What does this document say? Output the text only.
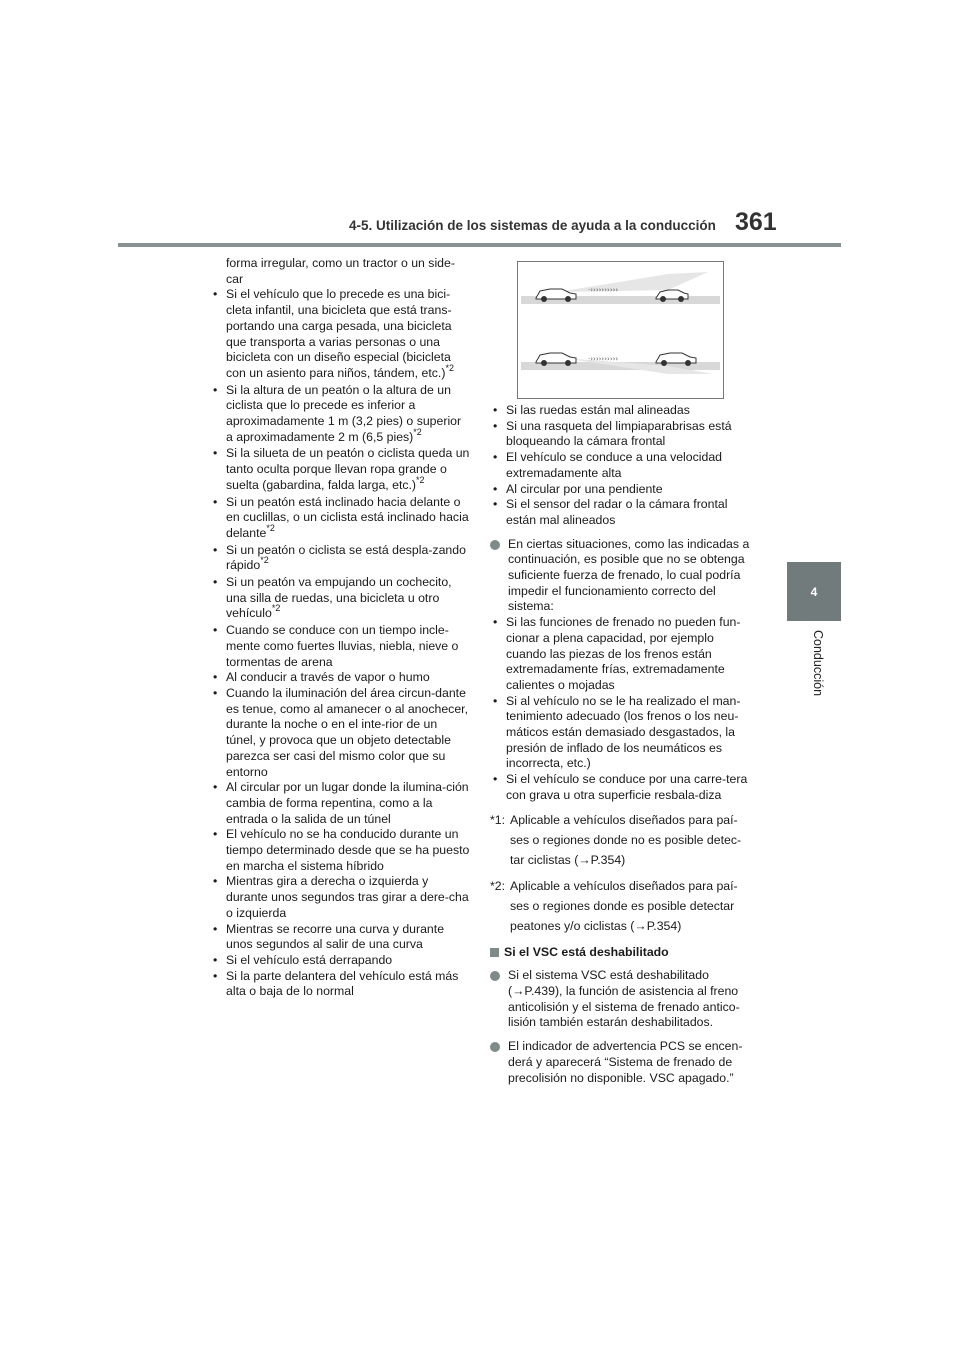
4-5. Utilización de los sistemas de ayuda a la conducción 361
4
Conducción
forma irregular, como un tractor o un side-
car
• Si el vehículo que lo precede es una bici-cleta infantil, una bicicleta que está trans-portando una carga pesada, una bicicleta que transporta a varias personas o una bicicleta con un diseño especial (bicicleta con un asiento para niños, tándem, etc.)$^{*2}$
• Si la altura de un peatón o la altura de un ciclista que lo precede es inferior a aproximadamente 1 m (3,2 pies) o superior a aproximadamente 2 m (6,5 pies)$^{*2}$
• Si la silueta de un peatón o ciclista queda un tanto oculta porque llevan ropa grande o suelta (gabardina, falda larga, etc.)$^{*2}$
• Si un peatón está inclinado hacia delante o en cuclillas, o un ciclista está inclinado hacia delante$^{*2}$
• Si un peatón o ciclista se está despla-zando rápido$^{*2}$
• Si un peatón va empujando un cochecito, una silla de ruedas, una bicicleta u otro vehículo$^{*2}$
• Cuando se conduce con un tiempo incle-mente como fuertes lluvias, niebla, nieve o tormentas de arena
• Al conducir a través de vapor o humo
• Cuando la iluminación del área circun-dante es tenue, como al amanecer o al anochecer, durante la noche o en el inte-rior de un túnel, y provoca que un objeto detectable parezca ser casi del mismo color que su entorno
• Al circular por un lugar donde la ilumina-ción cambia de forma repentina, como a la entrada o la salida de un túnel
• El vehículo no se ha conducido durante un tiempo determinado desde que se ha puesto en marcha el sistema híbrido
• Mientras gira a derecha o izquierda y durante unos segundos tras girar a dere-cha o izquierda
• Mientras se recorre una curva y durante unos segundos al salir de una curva
• Si el vehículo está derrapando
• Si la parte delantera del vehículo está más alta o baja de lo normal
·››››››››››
·››››››››››
• Si las ruedas están mal alineadas
• Si una rasqueta del limpiaparabrisas está bloqueando la cámara frontal
• El vehículo se conduce a una velocidad extremadamente alta
• Al circular por una pendiente
• Si el sensor del radar o la cámara frontal están mal alineados
En ciertas situaciones, como las indicadas a continuación, es posible que no se obtenga suficiente fuerza de frenado, lo cual podría impedir el funcionamiento correcto del sistema:
• Si las funciones de frenado no pueden fun-cionar a plena capacidad, por ejemplo cuando las piezas de los frenos están extremadamente frías, extremadamente calientes o mojadas
• Si al vehículo no se le ha realizado el man-tenimiento adecuado (los frenos o los neu-máticos están demasiado desgastados, la presión de inflado de los neumáticos es incorrecta, etc.)
• Si el vehículo se conduce por una carre-tera con grava u otra superficie resbala-diza
*1: Aplicable a vehículos diseñados para paí-ses o regiones donde no es posible detec-tar ciclistas (→P.354)
*2: Aplicable a vehículos diseñados para paí-ses o regiones donde es posible detectar peatones y/o ciclistas (→P.354)
Si el VSC está deshabilitado
Si el sistema VSC está deshabilitado (→P.439), la función de asistencia al freno anticolisión y el sistema de frenado antico-lisión también estarán deshabilitados.
El indicador de advertencia PCS se encen-derá y aparecerá “Sistema de frenado de precolisión no disponible. VSC apagado.”
